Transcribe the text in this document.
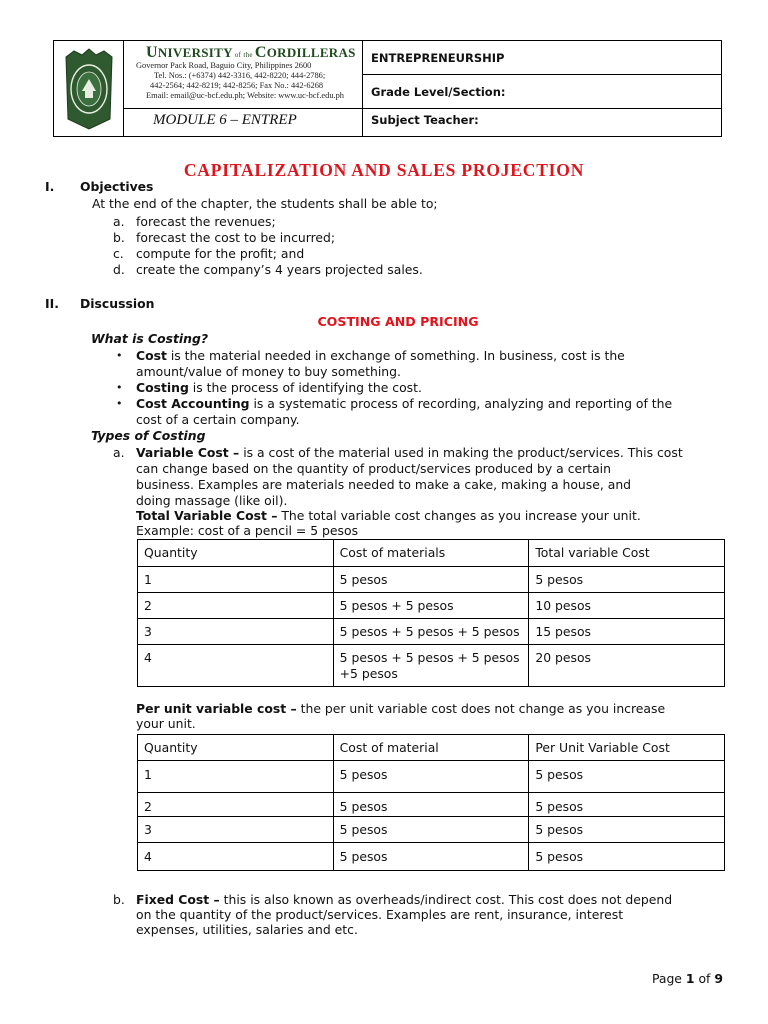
UNIVERSITY of the CORDILLERAS
Governor Pack Road, Baguio City, Philippines 2600
Tel. Nos.: (+6374) 442-3316, 442-8220; 444-2786;
442-2564; 442-8219; 442-8256; Fax No.: 442-6268
Email: email@uc-bcf.edu.ph; Website: www.uc-bcf.edu.ph
MODULE 6 – ENTREP
ENTREPRENEURSHIP
Grade Level/Section:
Subject Teacher:
CAPITALIZATION AND SALES PROJECTION
I. Objectives
At the end of the chapter, the students shall be able to;
a. forecast the revenues;
b. forecast the cost to be incurred;
c. compute for the profit; and
d. create the company’s 4 years projected sales.
II. Discussion
COSTING AND PRICING
What is Costing?
• Cost is the material needed in exchange of something. In business, cost is the
amount/value of money to buy something.
• Costing is the process of identifying the cost.
• Cost Accounting is a systematic process of recording, analyzing and reporting of the
cost of a certain company.
Types of Costing
a. Variable Cost – is a cost of the material used in making the product/services. This cost
can change based on the quantity of product/services produced by a certain
business. Examples are materials needed to make a cake, making a house, and
doing massage (like oil).
Total Variable Cost – The total variable cost changes as you increase your unit.
Example: cost of a pencil = 5 pesos
Quantity	Cost of materials	Total variable Cost
1	5 pesos	5 pesos
2	5 pesos + 5 pesos	10 pesos
3	5 pesos + 5 pesos + 5 pesos	15 pesos
4	5 pesos + 5 pesos + 5 pesos
+5 pesos	20 pesos
Per unit variable cost – the per unit variable cost does not change as you increase
your unit.
Quantity	Cost of material	Per Unit Variable Cost
1	5 pesos	5 pesos
2	5 pesos	5 pesos
3	5 pesos	5 pesos
4	5 pesos	5 pesos
b. Fixed Cost – this is also known as overheads/indirect cost. This cost does not depend
on the quantity of the product/services. Examples are rent, insurance, interest
expenses, utilities, salaries and etc.
Page 1 of 9
